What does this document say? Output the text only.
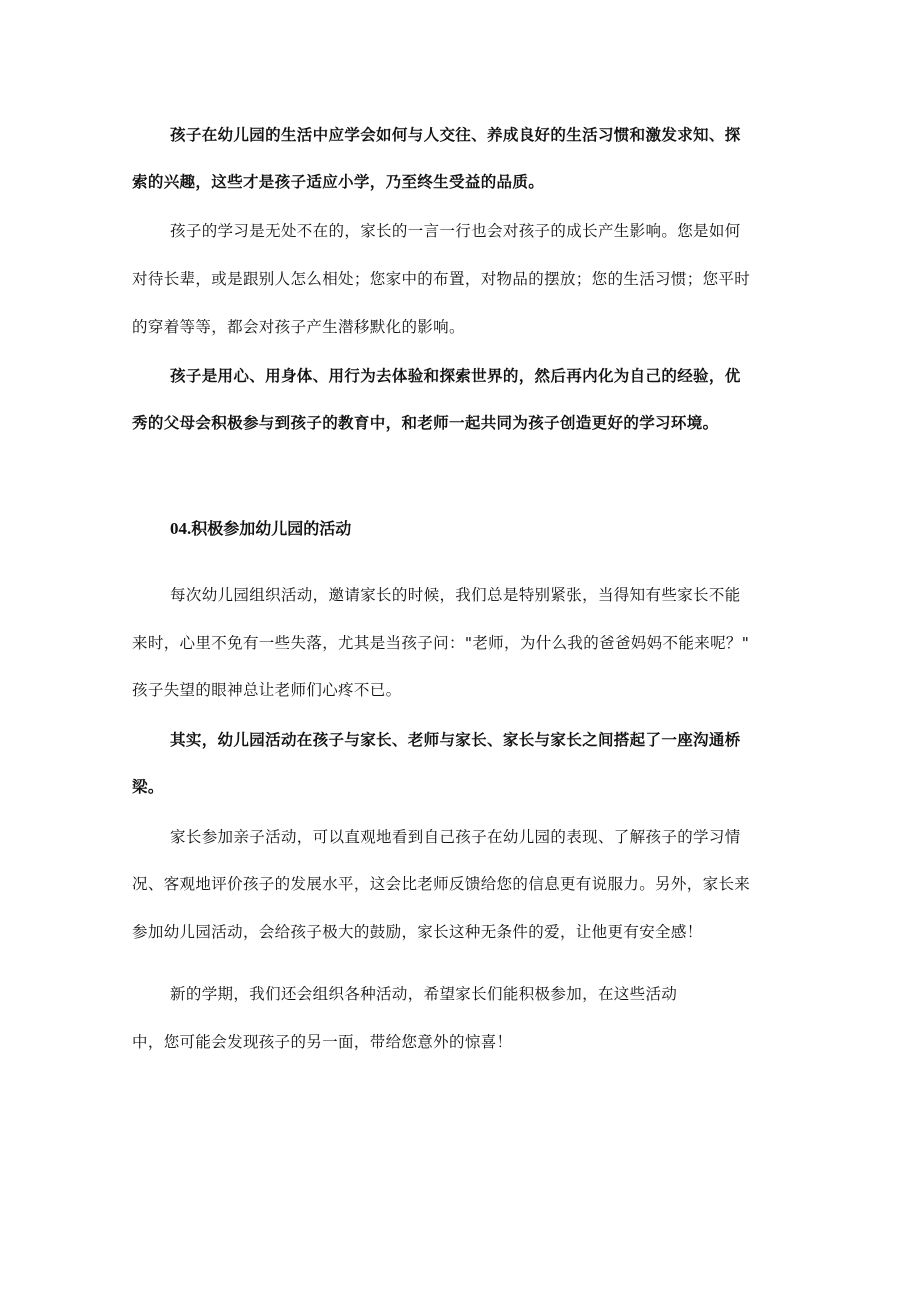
孩子在幼儿园的生活中应学会如何与人交往、养成良好的生活习惯和激发求知、探
索的兴趣，这些才是孩子适应小学，乃至终生受益的品质。
孩子的学习是无处不在的，家长的一言一行也会对孩子的成长产生影响。您是如何
对待长辈，或是跟别人怎么相处；您家中的布置，对物品的摆放；您的生活习惯；您平时
的穿着等等，都会对孩子产生潜移默化的影响。
孩子是用心、用身体、用行为去体验和探索世界的，然后再内化为自己的经验，优
秀的父母会积极参与到孩子的教育中，和老师一起共同为孩子创造更好的学习环境。
04.积极参加幼儿园的活动
每次幼儿园组织活动，邀请家长的时候，我们总是特别紧张，当得知有些家长不能
来时，心里不免有一些失落，尤其是当孩子问："老师，为什么我的爸爸妈妈不能来呢？"
孩子失望的眼神总让老师们心疼不已。
其实，幼儿园活动在孩子与家长、老师与家长、家长与家长之间搭起了一座沟通桥
梁。
家长参加亲子活动，可以直观地看到自己孩子在幼儿园的表现、了解孩子的学习情
况、客观地评价孩子的发展水平，这会比老师反馈给您的信息更有说服力。另外，家长来
参加幼儿园活动，会给孩子极大的鼓励，家长这种无条件的爱，让他更有安全感！
新的学期，我们还会组织各种活动，希望家长们能积极参加，在这些活动
中，您可能会发现孩子的另一面，带给您意外的惊喜！
